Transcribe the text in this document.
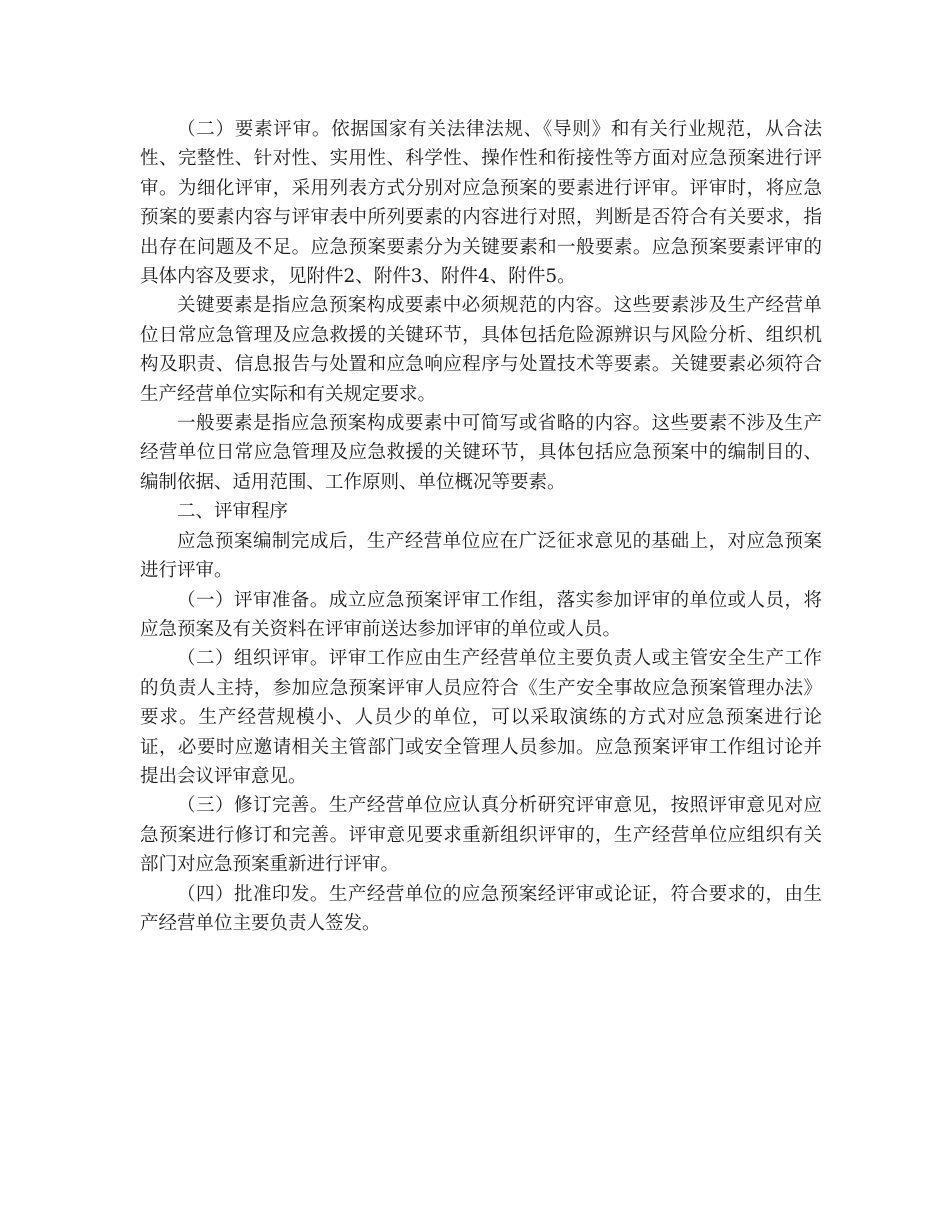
（二）要素评审。依据国家有关法律法规、《导则》和有关行业规范，从合法性、完整性、针对性、实用性、科学性、操作性和衔接性等方面对应急预案进行评审。为细化评审，采用列表方式分别对应急预案的要素进行评审。评审时，将应急预案的要素内容与评审表中所列要素的内容进行对照，判断是否符合有关要求，指出存在问题及不足。应急预案要素分为关键要素和一般要素。应急预案要素评审的具体内容及要求，见附件2、附件3、附件4、附件5。

关键要素是指应急预案构成要素中必须规范的内容。这些要素涉及生产经营单位日常应急管理及应急救援的关键环节，具体包括危险源辨识与风险分析、组织机构及职责、信息报告与处置和应急响应程序与处置技术等要素。关键要素必须符合生产经营单位实际和有关规定要求。

一般要素是指应急预案构成要素中可简写或省略的内容。这些要素不涉及生产经营单位日常应急管理及应急救援的关键环节，具体包括应急预案中的编制目的、编制依据、适用范围、工作原则、单位概况等要素。

二、评审程序

应急预案编制完成后，生产经营单位应在广泛征求意见的基础上，对应急预案进行评审。

（一）评审准备。成立应急预案评审工作组，落实参加评审的单位或人员，将应急预案及有关资料在评审前送达参加评审的单位或人员。

（二）组织评审。评审工作应由生产经营单位主要负责人或主管安全生产工作的负责人主持，参加应急预案评审人员应符合《生产安全事故应急预案管理办法》要求。生产经营规模小、人员少的单位，可以采取演练的方式对应急预案进行论证，必要时应邀请相关主管部门或安全管理人员参加。应急预案评审工作组讨论并提出会议评审意见。

（三）修订完善。生产经营单位应认真分析研究评审意见，按照评审意见对应急预案进行修订和完善。评审意见要求重新组织评审的，生产经营单位应组织有关部门对应急预案重新进行评审。

（四）批准印发。生产经营单位的应急预案经评审或论证，符合要求的，由生产经营单位主要负责人签发。
